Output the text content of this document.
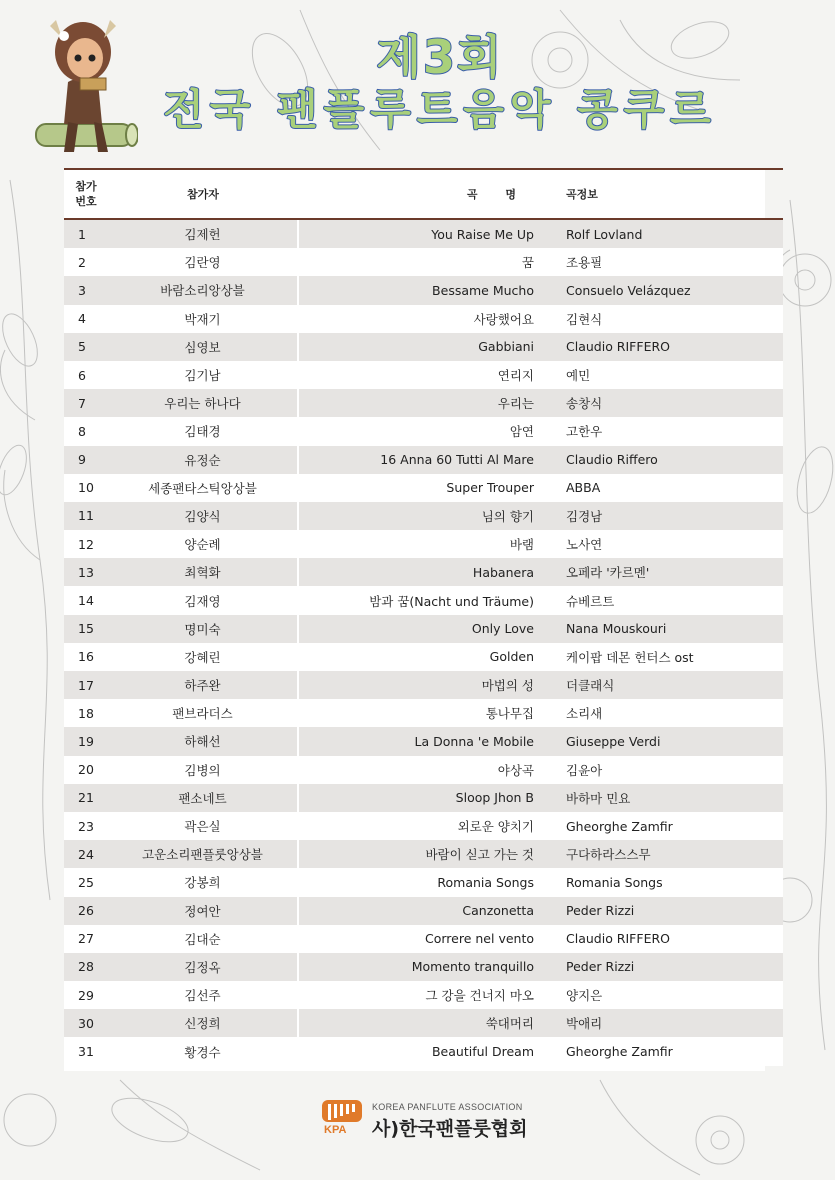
제3회
전국 팬플루트음악 콩쿠르
참가
번호	참가자	곡 명		곡정보
1	김제헌	You Raise Me Up		Rolf Lovland
2	김란영	꿈		조용필
3	바람소리앙상블	Bessame Mucho		Consuelo Velázquez
4	박재기	사랑했어요		김현식
5	심영보	Gabbiani		Claudio RIFFERO
6	김기남	연리지		예민
7	우리는 하나다	우리는		송창식
8	김태경	암연		고한우
9	유정순	16 Anna 60 Tutti Al Mare		Claudio Riffero
10	세종팬타스틱앙상블	Super Trouper		ABBA
11	김양식	님의 향기		김경남
12	양순례	바램		노사연
13	최혁화	Habanera		오페라 '카르멘'
14	김재영	밤과 꿈(Nacht und Träume)		슈베르트
15	명미숙	Only Love		Nana Mouskouri
16	강혜린	Golden		케이팝 데몬 헌터스 ost
17	하주완	마법의 성		더클래식
18	팬브라더스	통나무집		소리새
19	하해선	La Donna 'e Mobile		Giuseppe Verdi
20	김병의	야상곡		김윤아
21	팬소네트	Sloop Jhon B		바하마 민요
23	곽은실	외로운 양치기		Gheorghe Zamfir
24	고운소리팬플룻앙상블	바람이 싣고 가는 것		구다하라스스무
25	강봉희	Romania Songs		Romania Songs
26	정여안	Canzonetta		Peder Rizzi
27	김대순	Correre nel vento		Claudio RIFFERO
28	김정옥	Momento tranquillo		Peder Rizzi
29	김선주	그 강을 건너지 마오		양지은
30	신정희	쑥대머리		박애리
31	황경수	Beautiful Dream		Gheorghe Zamfir
KPA
KOREA PANFLUTE ASSOCIATION
사)한국팬플룻협회
